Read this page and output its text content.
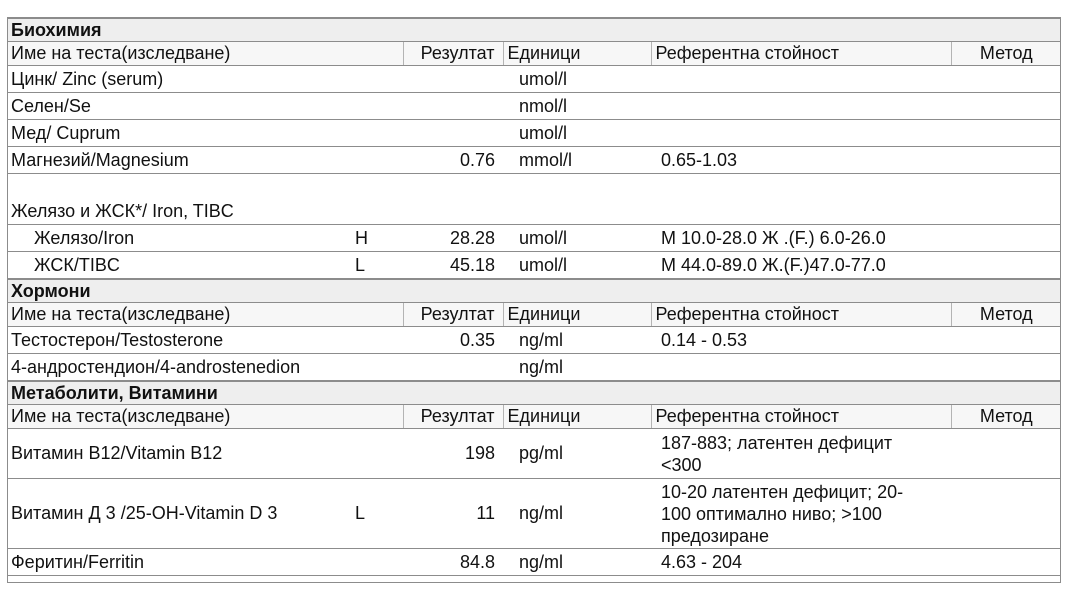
Биохимия					
Име на теста(изследване)		Резултат	Единици	Референтна стойност	Метод
Цинк/ Zinc (serum)			umol/l		
Селен/Se			nmol/l		
Мед/ Cuprum			umol/l		
Магнезий/Magnesium		0.76	mmol/l	0.65-1.03	
Желязо и ЖСК*/ Iron, TIBC					
Желязо/Iron	H	28.28	umol/l	M 10.0-28.0 Ж .(F.) 6.0-26.0	
ЖСК/TIBC	L	45.18	umol/l	M 44.0-89.0 Ж.(F.)47.0-77.0	
Хормони					
Име на теста(изследване)		Резултат	Единици	Референтна стойност	Метод
Тестостерон/Testosterone		0.35	ng/ml	0.14 - 0.53	
4-андростендион/4-androstenedion			ng/ml		
Метаболити, Витамини					
Име на теста(изследване)		Резултат	Единици	Референтна стойност	Метод
Витамин B12/Vitamin B12		198	pg/ml	187-883; латентен дефицит
<300	

Витамин Д 3 /25-OH-Vitamin D 3	L	11	ng/ml	10-20 латентен дефицит; 20-
100 оптимално ниво; >100
предозиране	

Феритин/Ferritin		84.8	ng/ml	4.63 - 204	
